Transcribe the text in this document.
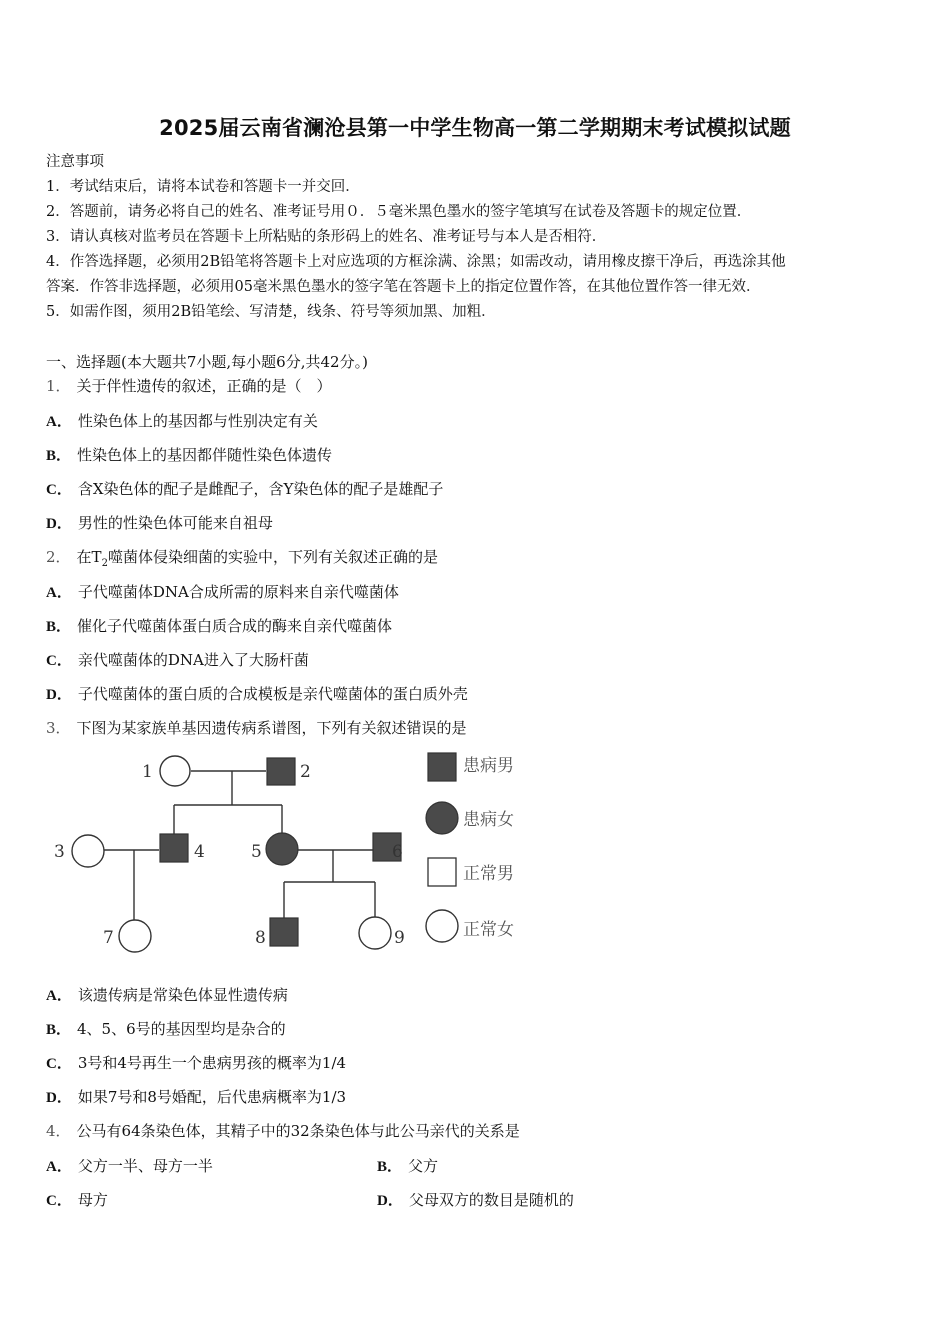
2025届云南省澜沧县第一中学生物高一第二学期期末考试模拟试题
注意事项
1．考试结束后，请将本试卷和答题卡一并交回．
2．答题前，请务必将自己的姓名、准考证号用０．５毫米黑色墨水的签字笔填写在试卷及答题卡的规定位置．
3．请认真核对监考员在答题卡上所粘贴的条形码上的姓名、准考证号与本人是否相符．
4．作答选择题，必须用2B铅笔将答题卡上对应选项的方框涂满、涂黑；如需改动，请用橡皮擦干净后，再选涂其他
答案．作答非选择题，必须用05毫米黑色墨水的签字笔在答题卡上的指定位置作答，在其他位置作答一律无效．
5．如需作图，须用2B铅笔绘、写清楚，线条、符号等须加黑、加粗．
一、选择题(本大题共7小题,每小题6分,共42分。)
1． 关于伴性遗传的叙述，正确的是（　）
A． 性染色体上的基因都与性别决定有关
B． 性染色体上的基因都伴随性染色体遗传
C． 含X染色体的配子是雌配子，含Y染色体的配子是雄配子
D． 男性的性染色体可能来自祖母
2． 在$T_2$噬菌体侵染细菌的实验中，下列有关叙述正确的是
A． 子代噬菌体DNA合成所需的原料来自亲代噬菌体
B． 催化子代噬菌体蛋白质合成的酶来自亲代噬菌体
C． 亲代噬菌体的DNA进入了大肠杆菌
D． 子代噬菌体的蛋白质的合成模板是亲代噬菌体的蛋白质外壳
3． 下图为某家族单基因遗传病系谱图，下列有关叙述错误的是
1	2
3	4	5	6
7	8	9
患病男
患病女
正常男
正常女
A． 该遗传病是常染色体显性遗传病
B． 4、5、6号的基因型均是杂合的
C． 3号和4号再生一个患病男孩的概率为1/4
D． 如果7号和8号婚配，后代患病概率为1/3
4． 公马有64条染色体，其精子中的32条染色体与此公马亲代的关系是
A． 父方一半、母方一半	B． 父方
C． 母方	D． 父母双方的数目是随机的
